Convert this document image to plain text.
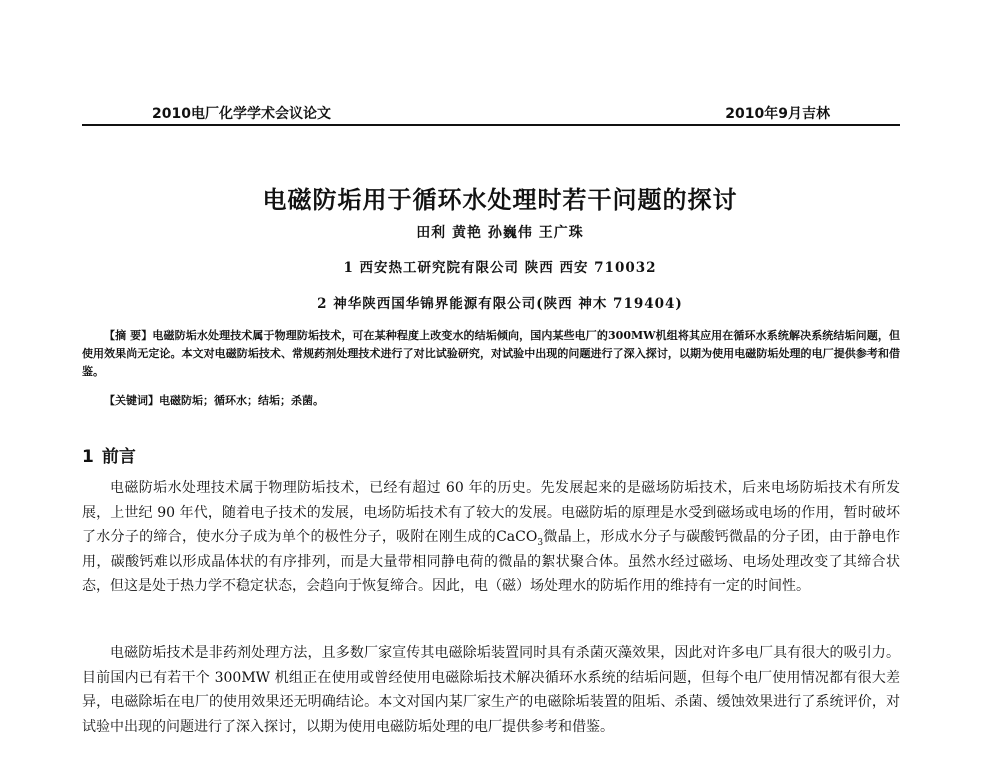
2010电厂化学学术会议论文	2010年9月吉林
电磁防垢用于循环水处理时若干问题的探讨
田利 黄艳 孙巍伟 王广珠
1 西安热工研究院有限公司 陕西 西安 710032
2 神华陕西国华锦界能源有限公司(陕西 神木 719404)
【摘 要】电磁防垢水处理技术属于物理防垢技术，可在某种程度上改变水的结垢倾向，国内某些电厂的300MW机组将其应用在循环水系统解决系统结垢问题，但使用效果尚无定论。本文对电磁防垢技术、常规药剂处理技术进行了对比试验研究，对试验中出现的问题进行了深入探讨，以期为使用电磁防垢处理的电厂提供参考和借鉴。
【关键词】电磁防垢；循环水；结垢；杀菌。
1 前言

电磁防垢水处理技术属于物理防垢技术，已经有超过 60 年的历史。先发展起来的是磁场防垢技术，后来电场防垢技术有所发展，上世纪 90 年代，随着电子技术的发展，电场防垢技术有了较大的发展。电磁防垢的原理是水受到磁场或电场的作用，暂时破坏了水分子的缔合，使水分子成为单个的极性分子，吸附在刚生成的CaCO$_3$微晶上，形成水分子与碳酸钙微晶的分子团，由于静电作用，碳酸钙难以形成晶体状的有序排列，而是大量带相同静电荷的微晶的絮状聚合体。虽然水经过磁场、电场处理改变了其缔合状态，但这是处于热力学不稳定状态，会趋向于恢复缔合。因此，电（磁）场处理水的防垢作用的维持有一定的时间性。

电磁防垢技术是非药剂处理方法，且多数厂家宣传其电磁除垢装置同时具有杀菌灭藻效果，因此对许多电厂具有很大的吸引力。目前国内已有若干个 300MW 机组正在使用或曾经使用电磁除垢技术解决循环水系统的结垢问题，但每个电厂使用情况都有很大差异，电磁除垢在电厂的使用效果还无明确结论。本文对国内某厂家生产的电磁除垢装置的阻垢、杀菌、缓蚀效果进行了系统评价，对试验中出现的问题进行了深入探讨，以期为使用电磁防垢处理的电厂提供参考和借鉴。
